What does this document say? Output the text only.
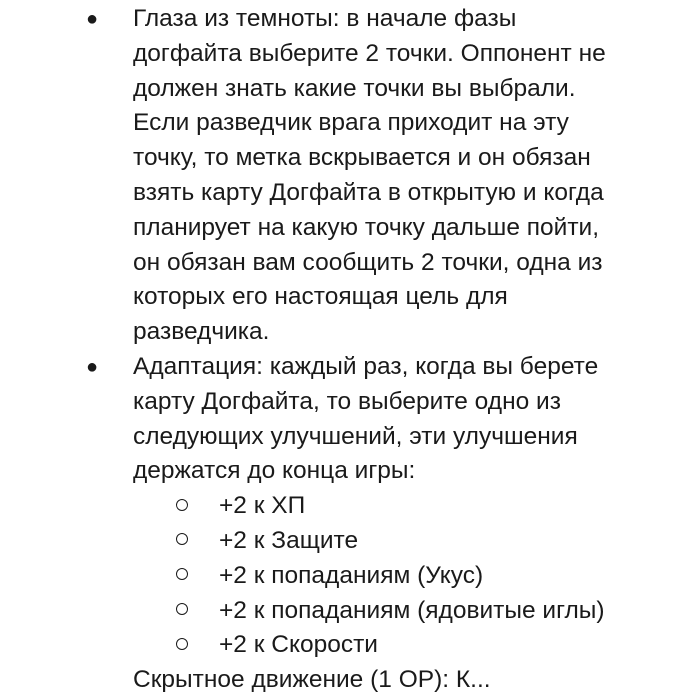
● Глаза из темноты: в начале фазы
догфайта выберите 2 точки. Оппонент не
должен знать какие точки вы выбрали.
Если разведчик врага приходит на эту
точку, то метка вскрывается и он обязан
взять карту Догфайта в открытую и когда
планирует на какую точку дальше пойти,
он обязан вам сообщить 2 точки, одна из
которых его настоящая цель для
разведчика.
● Адаптация: каждый раз, когда вы берете
карту Догфайта, то выберите одно из
следующих улучшений, эти улучшения
держатся до конца игры:
+2 к ХП
+2 к Защите
+2 к попаданиям (Укус)
+2 к попаданиям (ядовитые иглы)
+2 к Скорости
Скрытное движение (1 ОР): К...
